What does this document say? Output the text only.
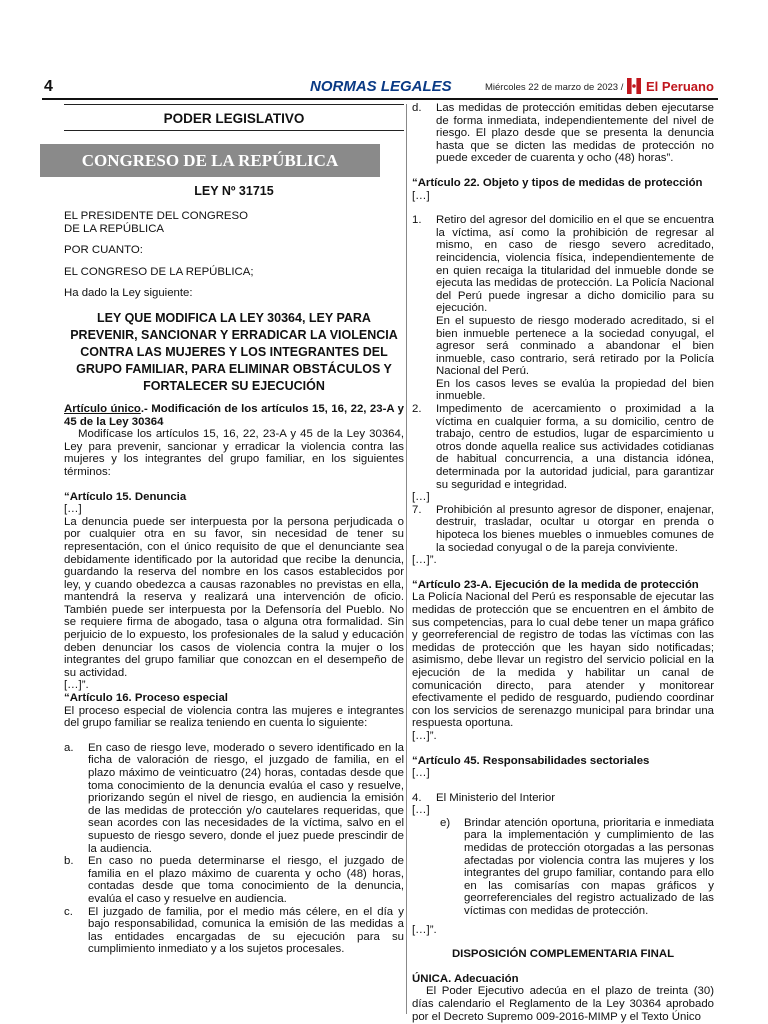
4	NORMAS LEGALES	Miércoles 22 de marzo de 2023 / El Peruano
PODER LEGISLATIVO
CONGRESO DE LA REPÚBLICA
LEY Nº 31715

EL PRESIDENTE DEL CONGRESO

DE LA REPÚBLICA

POR CUANTO:

EL CONGRESO DE LA REPÚBLICA;

Ha dado la Ley siguiente:

LEY QUE MODIFICA LA LEY 30364, LEY PARA PREVENIR, SANCIONAR Y ERRADICAR LA VIOLENCIA CONTRA LAS MUJERES Y LOS INTEGRANTES DEL GRUPO FAMILIAR, PARA ELIMINAR OBSTÁCULOS Y FORTALECER SU EJECUCIÓN

Artículo único.- Modificación de los artículos 15, 16, 22, 23-A y 45 de la Ley 30364

Modifícase los artículos 15, 16, 22, 23-A y 45 de la Ley 30364, Ley para prevenir, sancionar y erradicar la violencia contra las mujeres y los integrantes del grupo familiar, en los siguientes términos:

“Artículo 15. Denuncia

[…]

La denuncia puede ser interpuesta por la persona perjudicada o por cualquier otra en su favor, sin necesidad de tener su representación, con el único requisito de que el denunciante sea debidamente identificado por la autoridad que recibe la denuncia, guardando la reserva del nombre en los casos establecidos por ley, y cuando obedezca a causas razonables no previstas en ella, mantendrá la reserva y realizará una intervención de oficio. También puede ser interpuesta por la Defensoría del Pueblo. No se requiere firma de abogado, tasa o alguna otra formalidad. Sin perjuicio de lo expuesto, los profesionales de la salud y educación deben denunciar los casos de violencia contra la mujer o los integrantes del grupo familiar que conozcan en el desempeño de su actividad.

[…]”.

“Artículo 16. Proceso especial

El proceso especial de violencia contra las mujeres e integrantes del grupo familiar se realiza teniendo en cuenta lo siguiente:

a.	En caso de riesgo leve, moderado o severo identificado en la ficha de valoración de riesgo, el juzgado de familia, en el plazo máximo de veinticuatro (24) horas, contadas desde que toma conocimiento de la denuncia evalúa el caso y resuelve, priorizando según el nivel de riesgo, en audiencia la emisión de las medidas de protección y/o cautelares requeridas, que sean acordes con las necesidades de la víctima, salvo en el supuesto de riesgo severo, donde el juez puede prescindir de la audiencia.
b.	En caso no pueda determinarse el riesgo, el juzgado de familia en el plazo máximo de cuarenta y ocho (48) horas, contadas desde que toma conocimiento de la denuncia, evalúa el caso y resuelve en audiencia.
c.	El juzgado de familia, por el medio más célere, en el día y bajo responsabilidad, comunica la emisión de las medidas a las entidades encargadas de su ejecución para su cumplimiento inmediato y a los sujetos procesales.
d.	Las medidas de protección emitidas deben ejecutarse de forma inmediata, independientemente del nivel de riesgo. El plazo desde que se presenta la denuncia hasta que se dicten las medidas de protección no puede exceder de cuarenta y ocho (48) horas”.

“Artículo 22. Objeto y tipos de medidas de protección

[…]

1.	Retiro del agresor del domicilio en el que se encuentra la víctima, así como la prohibición de regresar al mismo, en caso de riesgo severo acreditado, reincidencia, violencia física, independientemente de en quien recaiga la titularidad del inmueble donde se ejecuta las medidas de protección. La Policía Nacional del Perú puede ingresar a dicho domicilio para su ejecución.
En el supuesto de riesgo moderado acreditado, si el bien inmueble pertenece a la sociedad conyugal, el agresor será conminado a abandonar el bien inmueble, caso contrario, será retirado por la Policía Nacional del Perú.
En los casos leves se evalúa la propiedad del bien inmueble.
2.	Impedimento de acercamiento o proximidad a la víctima en cualquier forma, a su domicilio, centro de trabajo, centro de estudios, lugar de esparcimiento u otros donde aquella realice sus actividades cotidianas de habitual concurrencia, a una distancia idónea, determinada por la autoridad judicial, para garantizar su seguridad e integridad.

[…]

7.	Prohibición al presunto agresor de disponer, enajenar, destruir, trasladar, ocultar u otorgar en prenda o hipoteca los bienes muebles o inmuebles comunes de la sociedad conyugal o de la pareja conviviente.

[…]”.

“Artículo 23-A. Ejecución de la medida de protección

La Policía Nacional del Perú es responsable de ejecutar las medidas de protección que se encuentren en el ámbito de sus competencias, para lo cual debe tener un mapa gráfico y georreferencial de registro de todas las víctimas con las medidas de protección que les hayan sido notificadas; asimismo, debe llevar un registro del servicio policial en la ejecución de la medida y habilitar un canal de comunicación directo, para atender y monitorear efectivamente el pedido de resguardo, pudiendo coordinar con los servicios de serenazgo municipal para brindar una respuesta oportuna.

[…]”.

“Artículo 45. Responsabilidades sectoriales

[…]

4.	El Ministerio del Interior

[…]

e)	Brindar atención oportuna, prioritaria e inmediata para la implementación y cumplimiento de las medidas de protección otorgadas a las personas afectadas por violencia contra las mujeres y los integrantes del grupo familiar, contando para ello en las comisarías con mapas gráficos y georreferenciales del registro actualizado de las víctimas con medidas de protección.

[…]”.

DISPOSICIÓN COMPLEMENTARIA FINAL

ÚNICA. Adecuación

El Poder Ejecutivo adecúa en el plazo de treinta (30) días calendario el Reglamento de la Ley 30364 aprobado por el Decreto Supremo 009-2016-MIMP y el Texto Único
